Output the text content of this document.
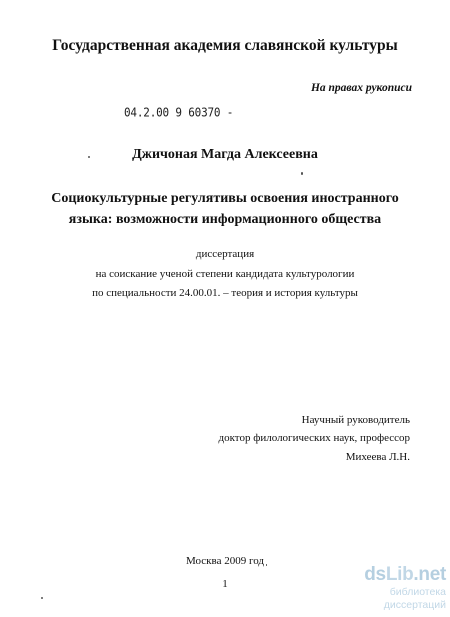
Государственная академия славянской культуры
На правах рукописи
04.2.00 9 60370 -
Джичоная Магда Алексеевна
Социокультурные регулятивы освоения иностранного
языка: возможности информационного общества
диссертация
на соискание ученой степени кандидата культурологии
по специальности 24.00.01. – теория и история культуры
Научный руководитель
доктор филологических наук, профессор
Михеева Л.Н.
Москва 2009 год
1	dsLib.net
библиотека диссертаций
